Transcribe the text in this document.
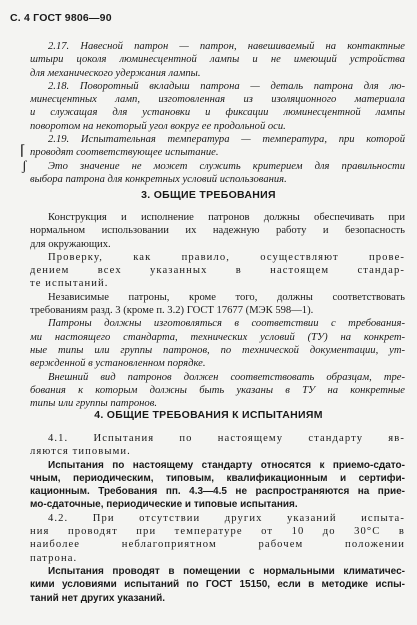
С. 4 ГОСТ 9806—90
2.17. Навесной патрон — патрон, навешиваемый на контактные
штыри цоколя люминесцентной лампы и не имеющий устройства
для механического удержания лампы.
2.18. Поворотный вкладыш патрона — деталь патрона для лю-
минесцентных ламп, изготовленная из изоляционного материала
и служащая для установки и фиксации люминесцентной лампы
поворотом на некоторый угол вокруг ее продольной оси.
2.19. Испытательная температура — температура, при которой
проводят соответствующее испытание.
Это значение не может служить критерием для правильности
выбора патрона для конкретных условий использования.
⌈
ʃ
3. ОБЩИЕ ТРЕБОВАНИЯ
Конструкция и исполнение патронов должны обеспечивать при
нормальном использовании их надежную работу и безопасность
для окружающих.
Проверку, как правило, осуществляют прове-
дением всех указанных в настоящем стандар-
те испытаний.
Независимые патроны, кроме того, должны соответствовать
требованиям разд. 3 (кроме п. 3.2) ГОСТ 17677 (МЭК 598—1).
Патроны должны изготовляться в соответствии с требования-
ми настоящего стандарта, технических условий (ТУ) на конкрет-
ные типы или группы патронов, по технической документации, ут-
вержденной в установленном порядке.
Внешний вид патронов должен соответствовать образцам, тре-
бования к которым должны быть указаны в ТУ на конкретные
типы или группы патронов.
4. ОБЩИЕ ТРЕБОВАНИЯ К ИСПЫТАНИЯМ
4.1. Испытания по настоящему стандарту яв-
ляются типовыми.
Испытания по настоящему стандарту относятся к приемо-сдато-
чным, периодическим, типовым, квалификационным и сертифи-
кационным. Требования пп. 4.3—4.5 не распространяются на прие-
мо-сдаточные, периодические и типовые испытания.
4.2. При отсутствии других указаний испыта-
ния проводят при температуре от 10 до 30°С в
наиболее неблагоприятном рабочем положении
патрона.
Испытания проводят в помещении с нормальными климатичес-
кими условиями испытаний по ГОСТ 15150, если в методике испы-
таний нет других указаний.
